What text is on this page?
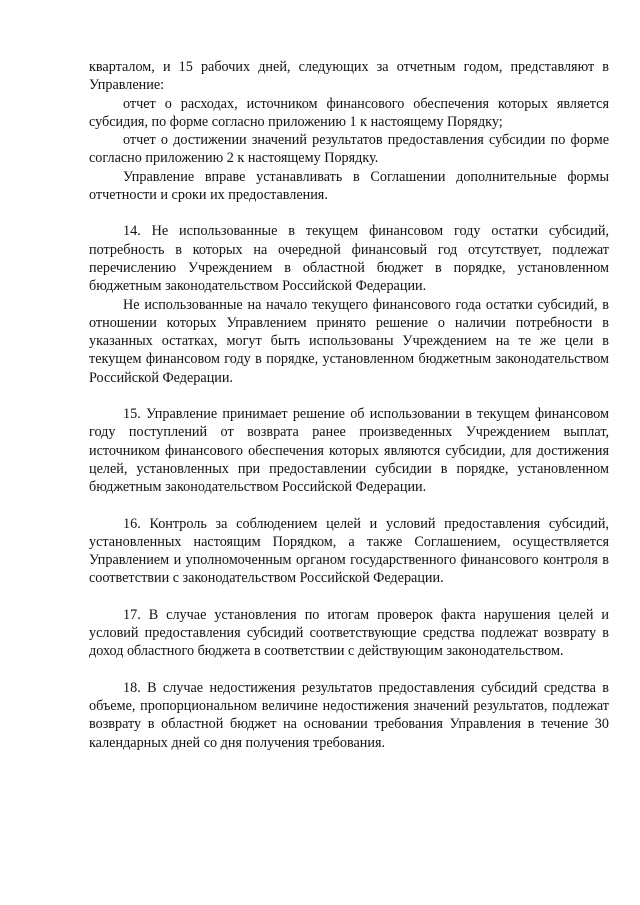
кварталом, и 15 рабочих дней, следующих за отчетным годом, представляют в Управление:

отчет о расходах, источником финансового обеспечения которых является субсидия, по форме согласно приложению 1 к настоящему Порядку;

отчет о достижении значений результатов предоставления субсидии по форме согласно приложению 2 к настоящему Порядку.

Управление вправе устанавливать в Соглашении дополнительные формы отчетности и сроки их предоставления.

14. Не использованные в текущем финансовом году остатки субсидий, потребность в которых на очередной финансовый год отсутствует, подлежат перечислению Учреждением в областной бюджет в порядке, установленном бюджетным законодательством Российской Федерации.

Не использованные на начало текущего финансового года остатки субсидий, в отношении которых Управлением принято решение о наличии потребности в указанных остатках, могут быть использованы Учреждением на те же цели в текущем финансовом году в порядке, установленном бюджетным законодательством Российской Федерации.

15. Управление принимает решение об использовании в текущем финансовом году поступлений от возврата ранее произведенных Учреждением выплат, источником финансового обеспечения которых являются субсидии, для достижения целей, установленных при предоставлении субсидии в порядке, установленном бюджетным законодательством Российской Федерации.

16. Контроль за соблюдением целей и условий предоставления субсидий, установленных настоящим Порядком, а также Соглашением, осуществляется Управлением и уполномоченным органом государственного финансового контроля в соответствии с законодательством Российской Федерации.

17. В случае установления по итогам проверок факта нарушения целей и условий предоставления субсидий соответствующие средства подлежат возврату в доход областного бюджета в соответствии с действующим законодательством.

18. В случае недостижения результатов предоставления субсидий средства в объеме, пропорциональном величине недостижения значений результатов, подлежат возврату в областной бюджет на основании требования Управления в течение 30 календарных дней со дня получения требования.
